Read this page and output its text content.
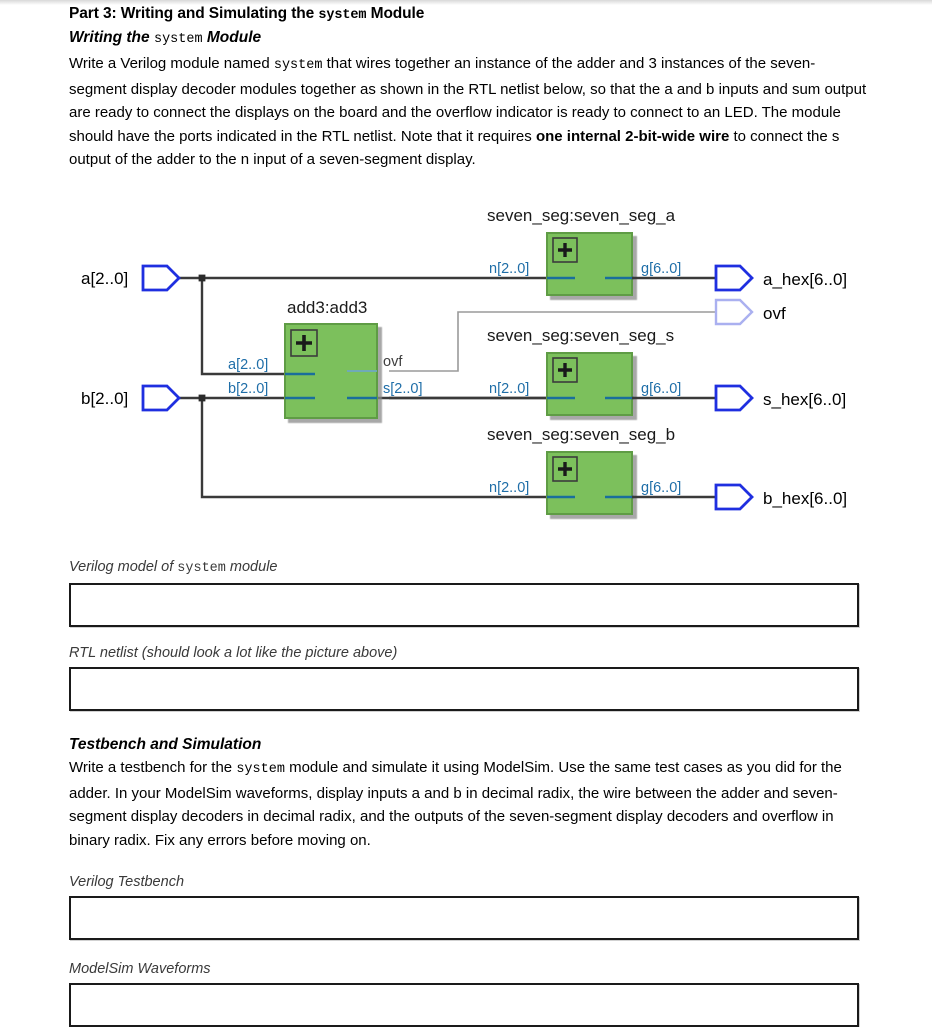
Part 3: Writing and Simulating the system Module
Writing the system Module

Write a Verilog module named system that wires together an instance of the adder and 3 instances of the seven-segment display decoder modules together as shown in the RTL netlist below, so that the a and b inputs and sum output are ready to connect the displays on the board and the overflow indicator is ready to connect to an LED. The module should have the ports indicated in the RTL netlist. Note that it requires one internal 2-bit-wide wire to connect the s output of the adder to the n input of a seven-segment display.

a[2..0]
b[2..0]
add3:add3
a[2..0]
b[2..0]
ovf
s[2..0]
seven_seg:seven_seg_a
n[2..0]	g[6..0]
seven_seg:seven_seg_s
n[2..0]	g[6..0]
seven_seg:seven_seg_b
n[2..0]	g[6..0]
a_hex[6..0]
ovf
s_hex[6..0]
b_hex[6..0]
Verilog model of system module
RTL netlist (should look a lot like the picture above)
Testbench and Simulation

Write a testbench for the system module and simulate it using ModelSim. Use the same test cases as you did for the adder. In your ModelSim waveforms, display inputs a and b in decimal radix, the wire between the adder and seven-segment display decoders in decimal radix, and the outputs of the seven-segment display decoders and overflow in binary radix. Fix any errors before moving on.

Verilog Testbench
ModelSim Waveforms
